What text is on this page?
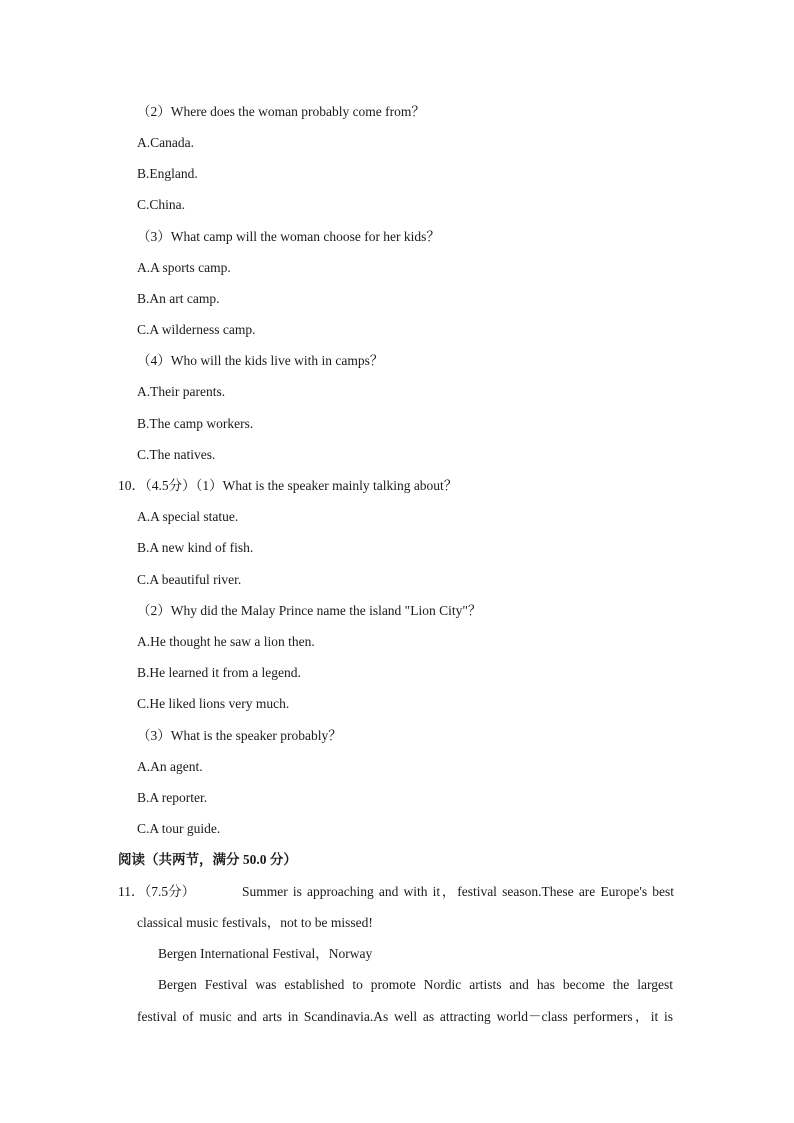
（2）Where does the woman probably come from？
A.Canada.
B.England.
C.China.
（3）What camp will the woman choose for her kids？
A.A sports camp.
B.An art camp.
C.A wilderness camp.
（4）Who will the kids live with in camps？
A.Their parents.
B.The camp workers.
C.The natives.
10．（4.5分）（1）What is the speaker mainly talking about？
A.A special statue.
B.A new kind of fish.
C.A beautiful river.
（2）Why did the Malay Prince name the island "Lion City"？
A.He thought he saw a lion then.
B.He learned it from a legend.
C.He liked lions very much.
（3）What is the speaker probably？
A.An agent.
B.A reporter.
C.A tour guide.
阅读（共两节，满分 50.0 分）
11．（7.5分）	Summer is approaching and with it，festival season.These are Europe's best
classical music festivals，not to be missed!
Bergen International Festival，Norway
Bergen Festival was established to promote Nordic artists and has become the largest
festival of music and arts in Scandinavia.As well as attracting world－class performers，it is
